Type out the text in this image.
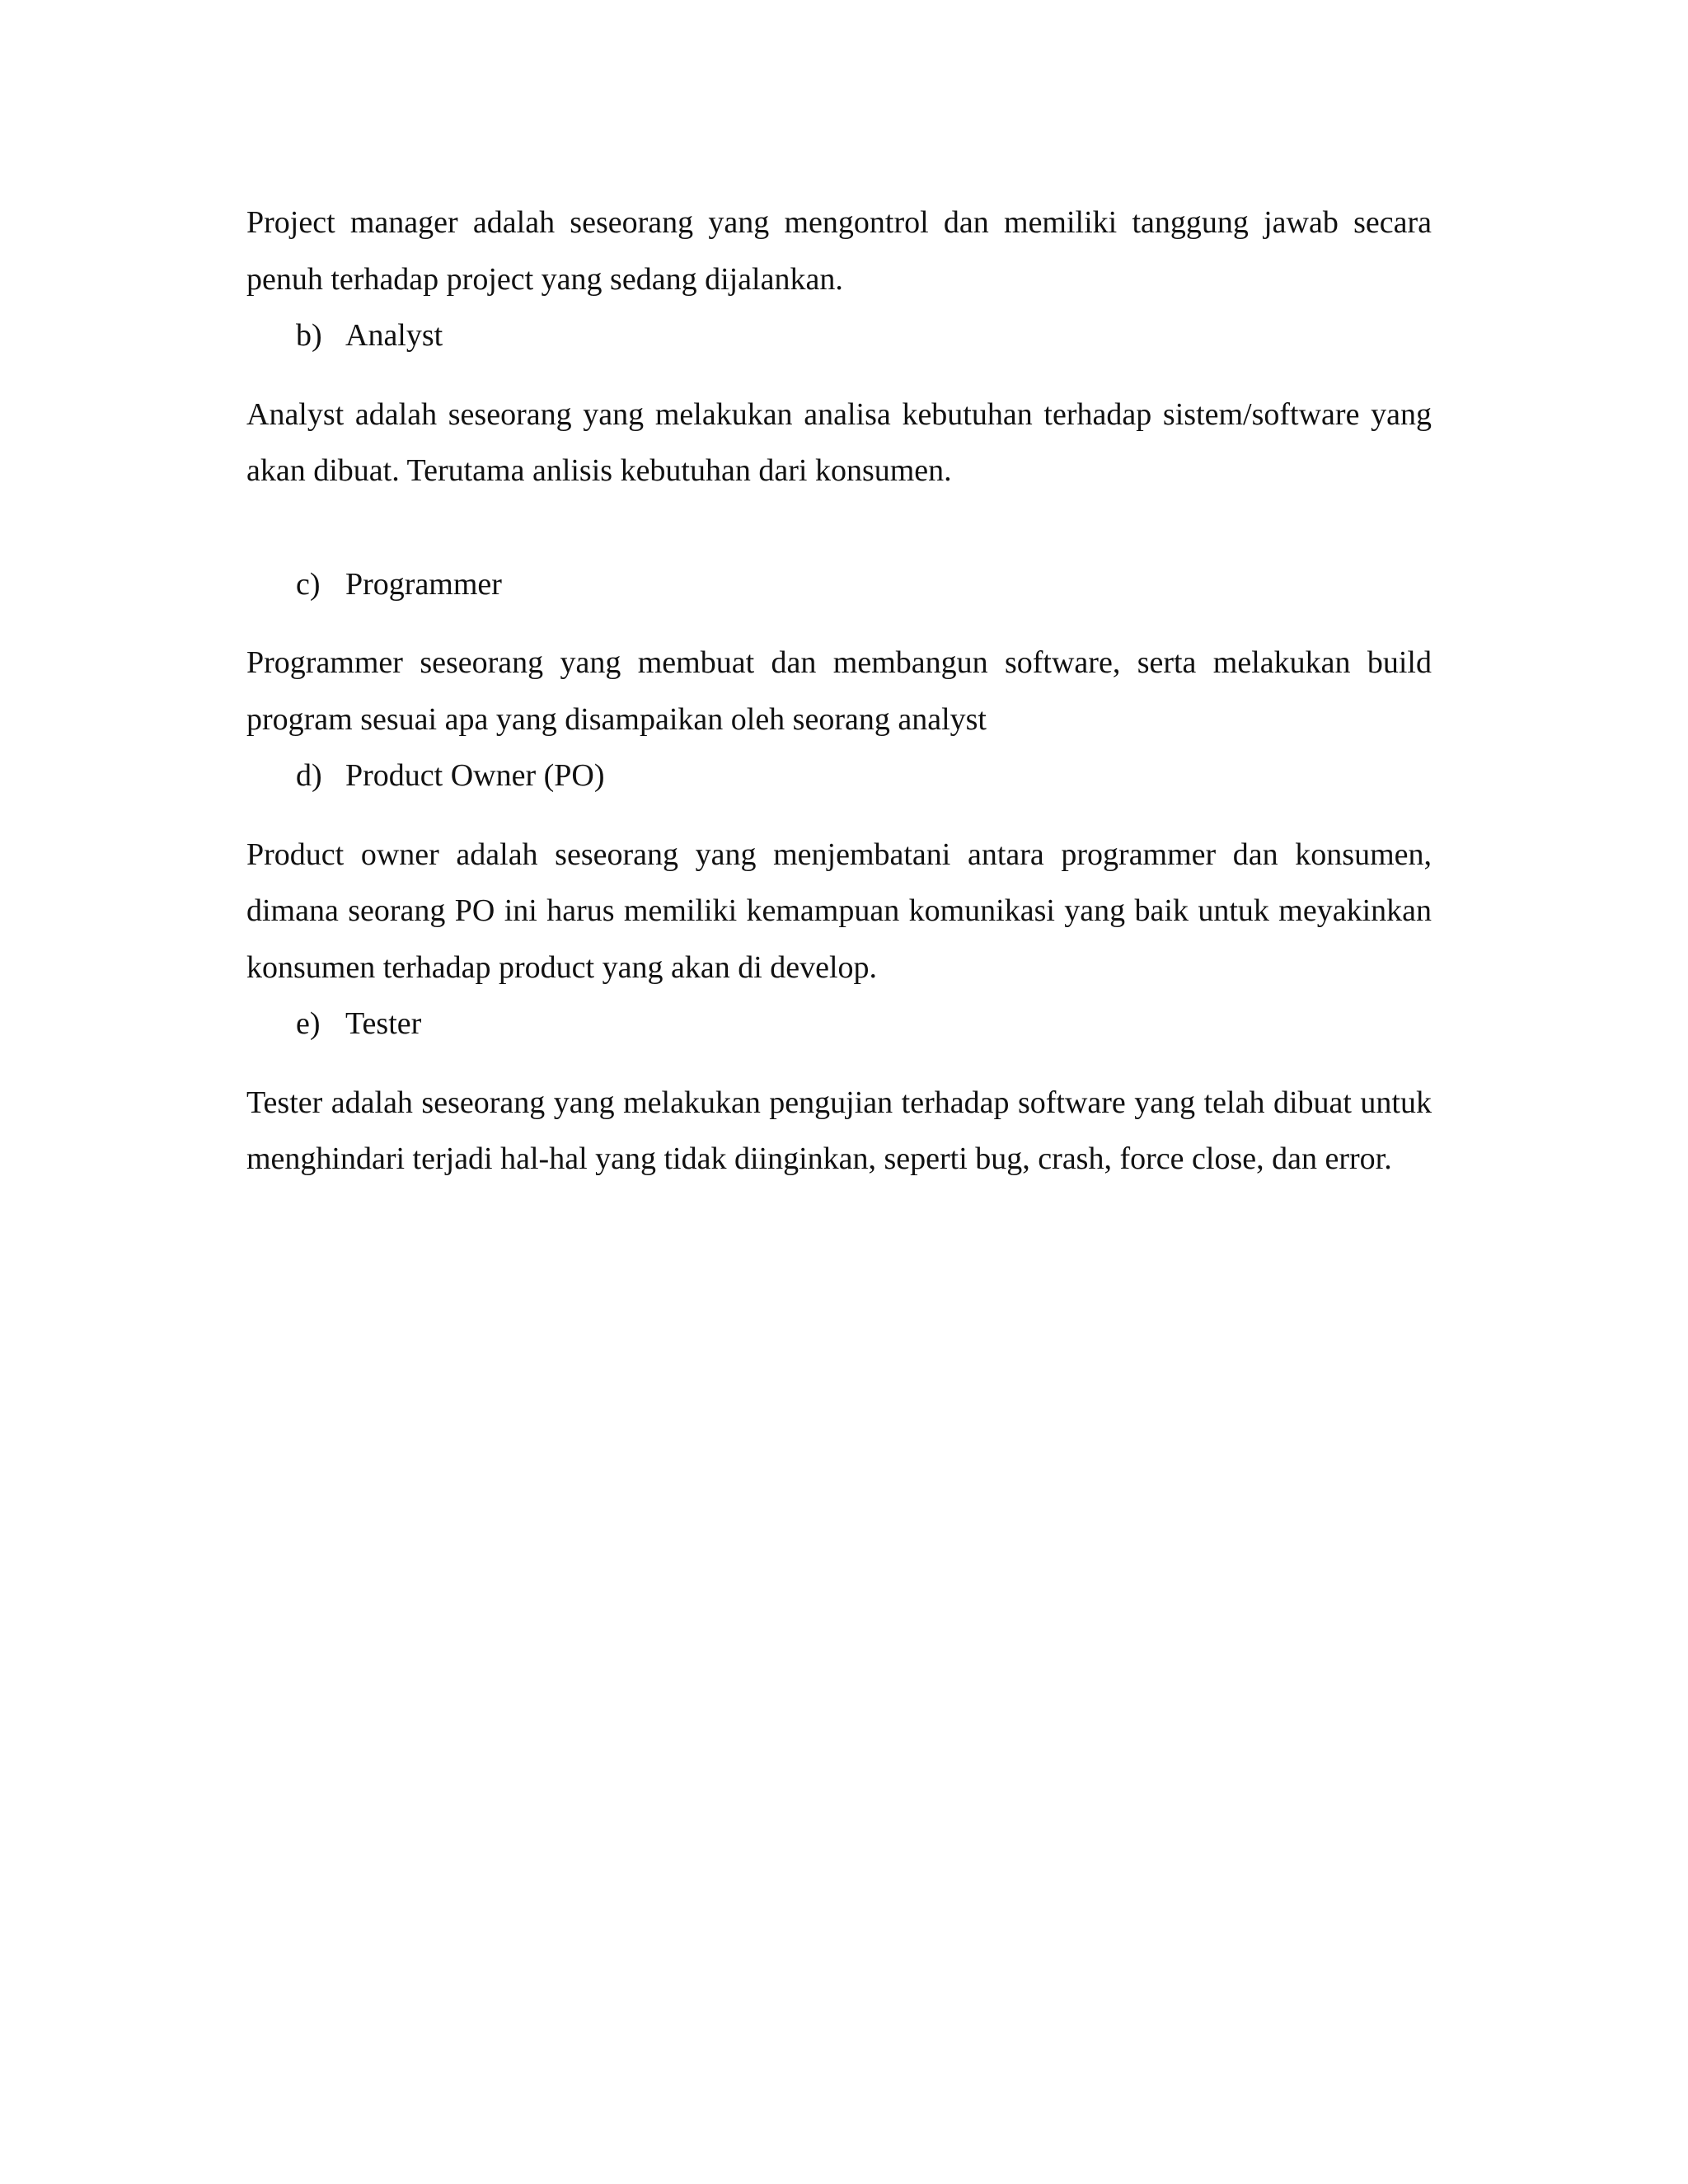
Project manager adalah seseorang yang mengontrol dan memiliki tanggung jawab secara penuh terhadap project yang sedang dijalankan.

b) Analyst

Analyst adalah seseorang yang melakukan analisa kebutuhan terhadap sistem/software yang akan dibuat. Terutama anlisis kebutuhan dari konsumen.

c) Programmer

Programmer seseorang yang membuat dan membangun software, serta melakukan build program sesuai apa yang disampaikan oleh seorang analyst

d) Product Owner (PO)

Product owner adalah seseorang yang menjembatani antara programmer dan konsumen, dimana seorang PO ini harus memiliki kemampuan komunikasi yang baik untuk meyakinkan konsumen terhadap product yang akan di develop.

e) Tester

Tester adalah seseorang yang melakukan pengujian terhadap software yang telah dibuat untuk menghindari terjadi hal-hal yang tidak diinginkan, seperti bug, crash, force close, dan error.
